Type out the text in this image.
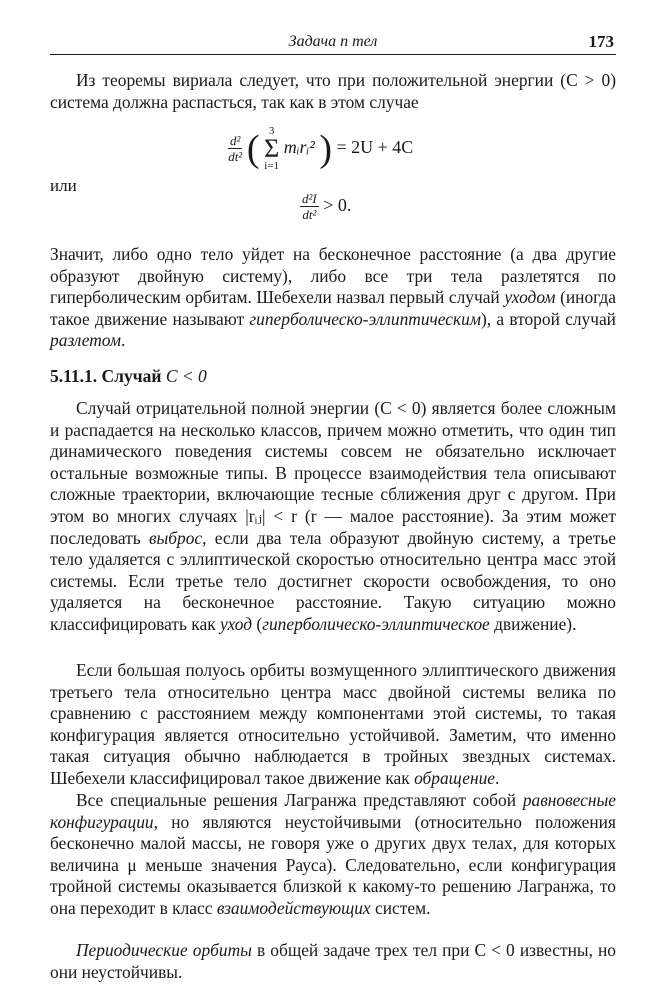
Задача n тел	173

Из теоремы вириала следует, что при положительной энергии (C > 0) система должна распасться, так как в этом случае

$\frac{\text{d²}}{\text{dt²}}$ ( 3
Σ
i=1
mᵢrᵢ² ) = 2U + 4C
или
$\frac{\text{d²I}}{\text{dt²}} > 0$.

Значит, либо одно тело уйдет на бесконечное расстояние (а два другие образуют двойную систему), либо все три тела разлетятся по гиперболическим орбитам. Шебехели назвал первый случай уходом (иногда такое движение называют гиперболическо-эллиптическим), а второй случай разлетом.

5.11.1. Случай C < 0

Случай отрицательной полной энергии (C < 0) является более сложным и распадается на несколько классов, причем можно отметить, что один тип динамического поведения системы совсем не обязательно исключает остальные возможные типы. В процессе взаимодействия тела описывают сложные траектории, включающие тесные сближения друг с другом. При этом во многих случаях |rᵢⱼ| < r (r — малое расстояние). За этим может последовать выброс, если два тела образуют двойную систему, а третье тело удаляется с эллиптической скоростью относительно центра масс этой системы. Если третье тело достигнет скорости освобождения, то оно удаляется на бесконечное расстояние. Такую ситуацию можно классифицировать как уход (гиперболическо-эллиптическое движение).

Если большая полуось орбиты возмущенного эллиптического движения третьего тела относительно центра масс двойной системы велика по сравнению с расстоянием между компонентами этой системы, то такая конфигурация является относительно устойчивой. Заметим, что именно такая ситуация обычно наблюдается в тройных звездных системах. Шебехели классифицировал такое движение как обращение.

Все специальные решения Лагранжа представляют собой равновесные конфигурации, но являются неустойчивыми (относительно положения бесконечно малой массы, не говоря уже о других двух телах, для которых величина μ меньше значения Рауса). Следовательно, если конфигурация тройной системы оказывается близкой к какому-то решению Лагранжа, то она переходит в класс взаимодействующих систем.

Периодические орбиты в общей задаче трех тел при C < 0 известны, но они неустойчивы.
